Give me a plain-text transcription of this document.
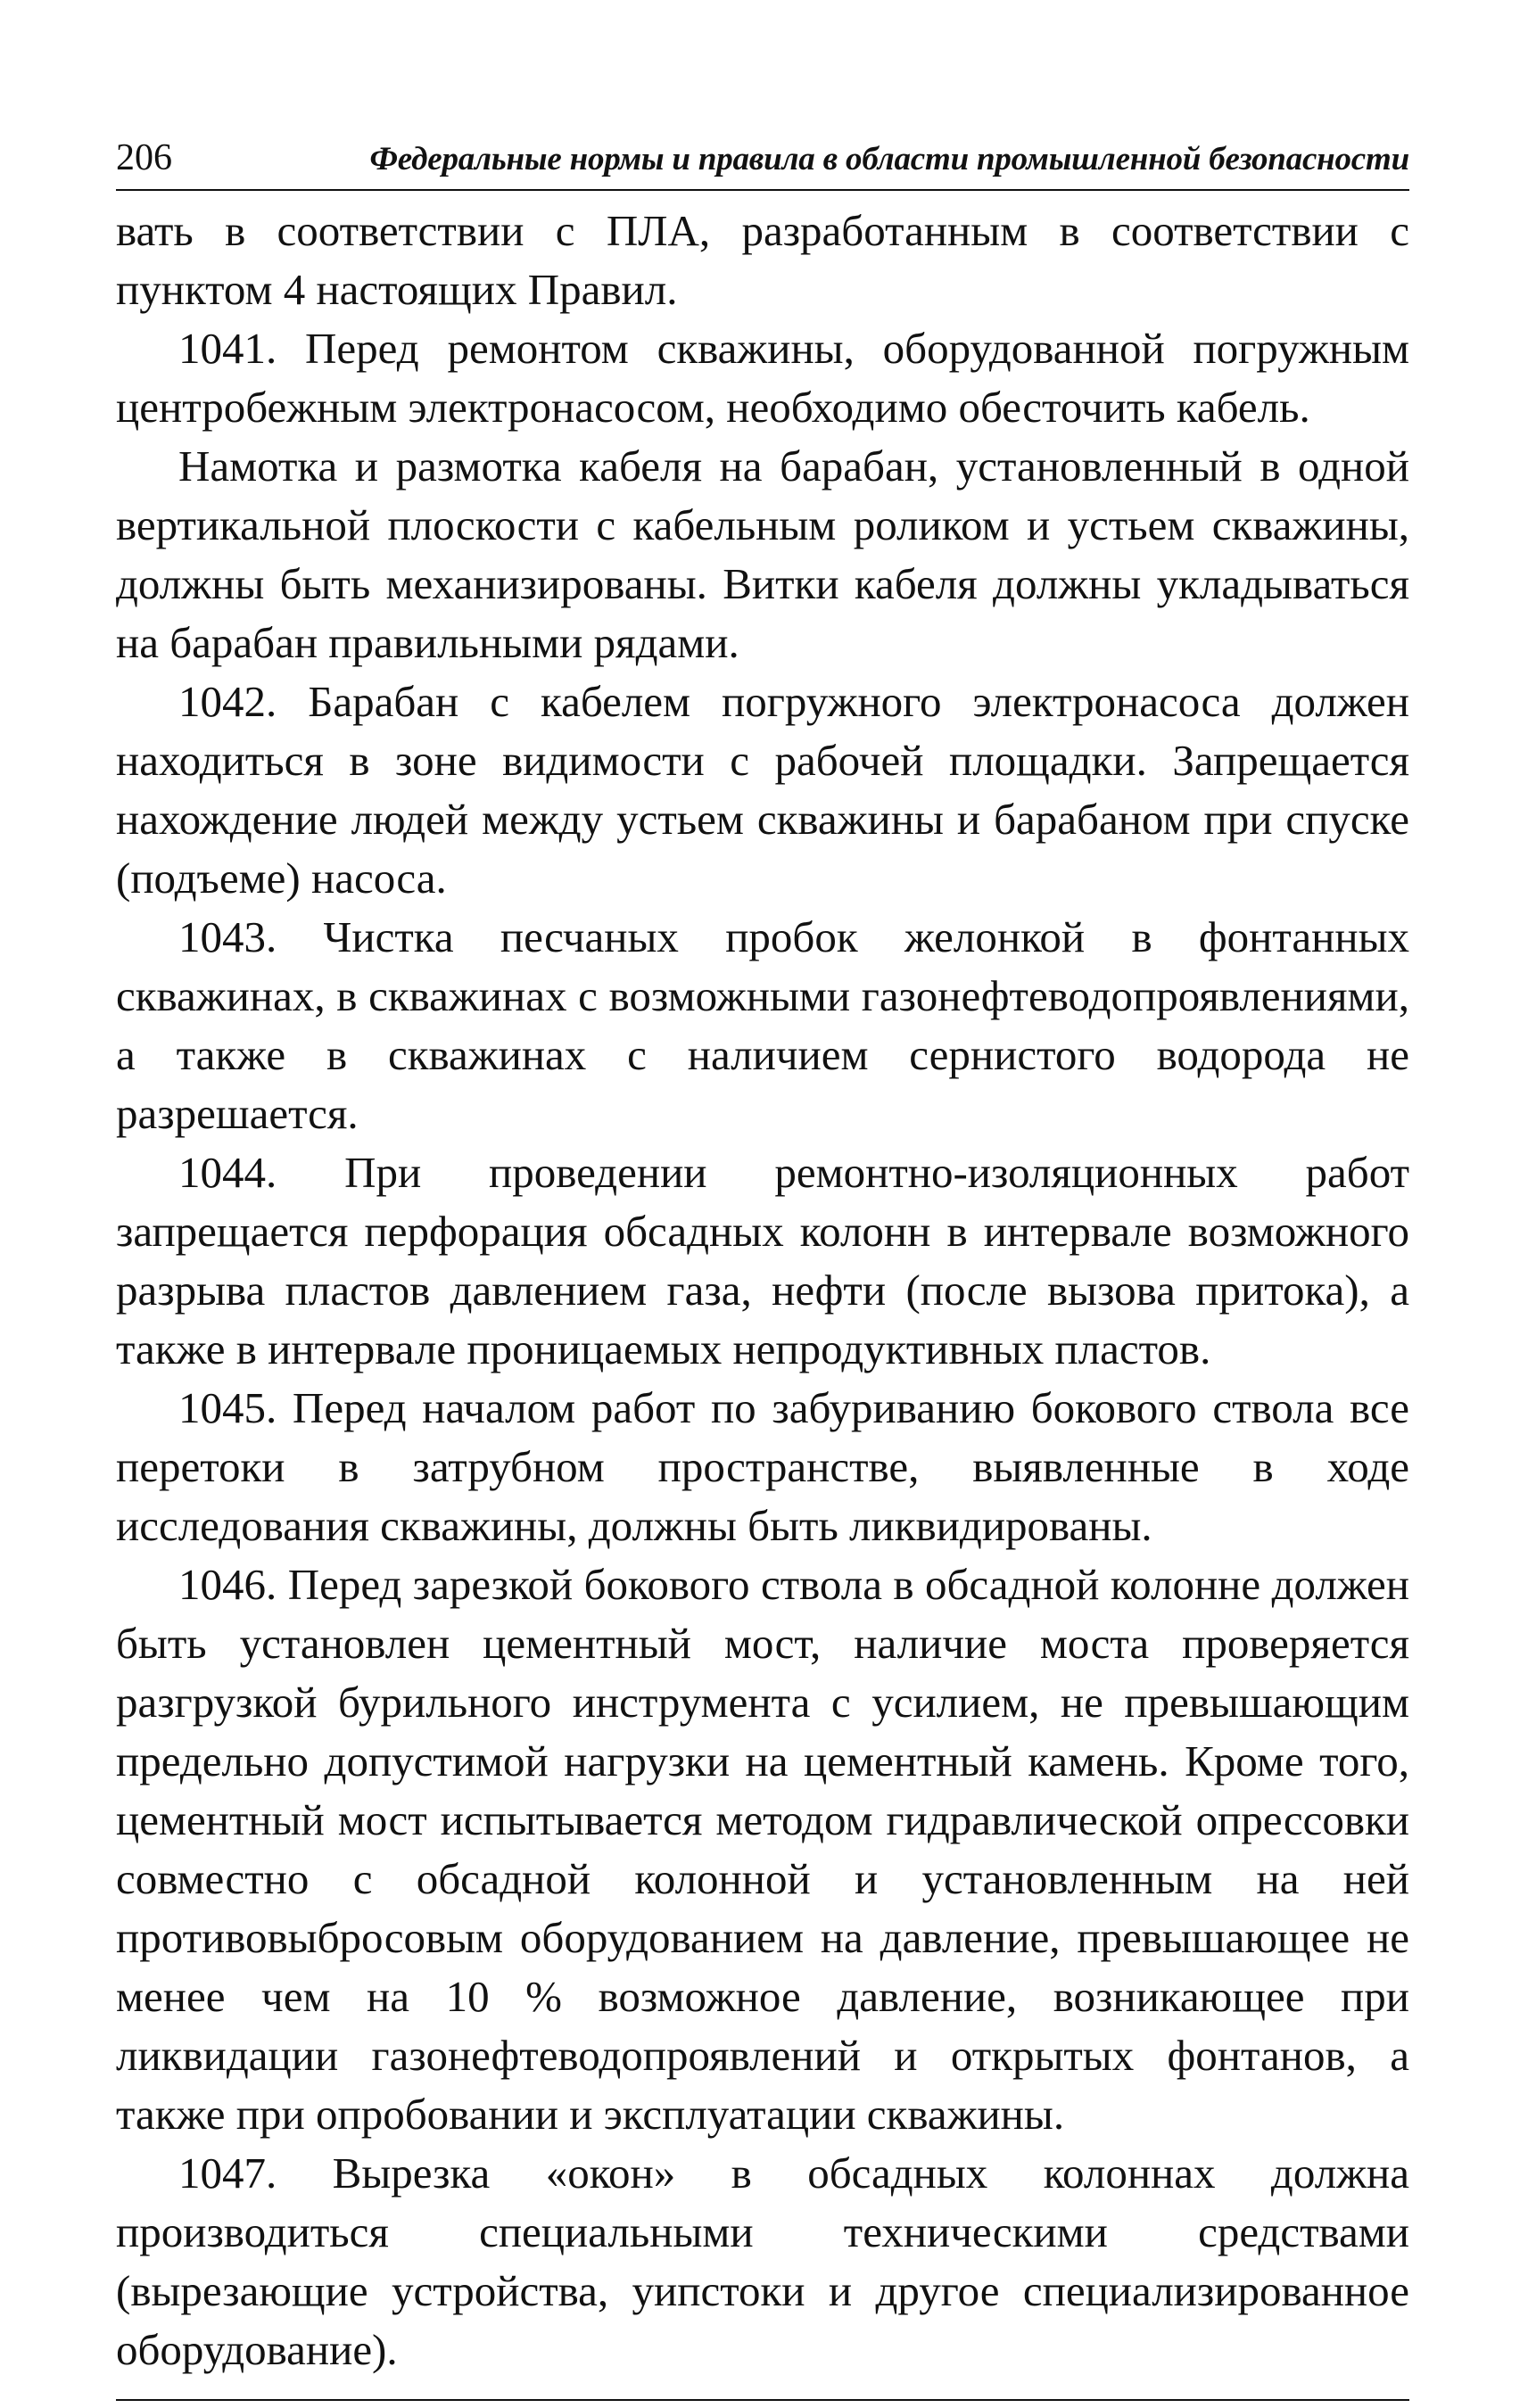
206	Федеральные нормы и правила в области промышленной безопасности

вать в соответствии с ПЛА, разработанным в соответствии с пунктом 4 настоящих Правил.

1041. Перед ремонтом скважины, оборудованной погружным центробежным электронасосом, необходимо обесточить кабель.

Намотка и размотка кабеля на барабан, установленный в одной вертикальной плоскости с кабельным роликом и устьем скважины, должны быть механизированы. Витки кабеля должны укладываться на барабан правильными рядами.

1042. Барабан с кабелем погружного электронасоса должен находиться в зоне видимости с рабочей площадки. Запрещается нахождение людей между устьем скважины и барабаном при спуске (подъеме) насоса.

1043. Чистка песчаных пробок желонкой в фонтанных скважинах, в скважинах с возможными газонефтеводопроявлениями, а также в скважинах с наличием сернистого водорода не разрешается.

1044. При проведении ремонтно-изоляционных работ запрещается перфорация обсадных колонн в интервале возможного разрыва пластов давлением газа, нефти (после вызова притока), а также в интервале проницаемых непродуктивных пластов.

1045. Перед началом работ по забуриванию бокового ствола все перетоки в затрубном пространстве, выявленные в ходе исследования скважины, должны быть ликвидированы.

1046. Перед зарезкой бокового ствола в обсадной колонне должен быть установлен цементный мост, наличие моста проверяется разгрузкой бурильного инструмента с усилием, не превышающим предельно допустимой нагрузки на цементный камень. Кроме того, цементный мост испытывается методом гидравлической опрессовки совместно с обсадной колонной и установленным на ней противовыбросовым оборудованием на давление, превышающее не менее чем на 10 % возможное давление, возникающее при ликвидации газонефтеводопроявлений и открытых фонтанов, а также при опробовании и эксплуатации скважины.

1047. Вырезка «окон» в обсадных колоннах должна производиться специальными техническими средствами (вырезающие устройства, уипстоки и другое специализированное оборудование).
